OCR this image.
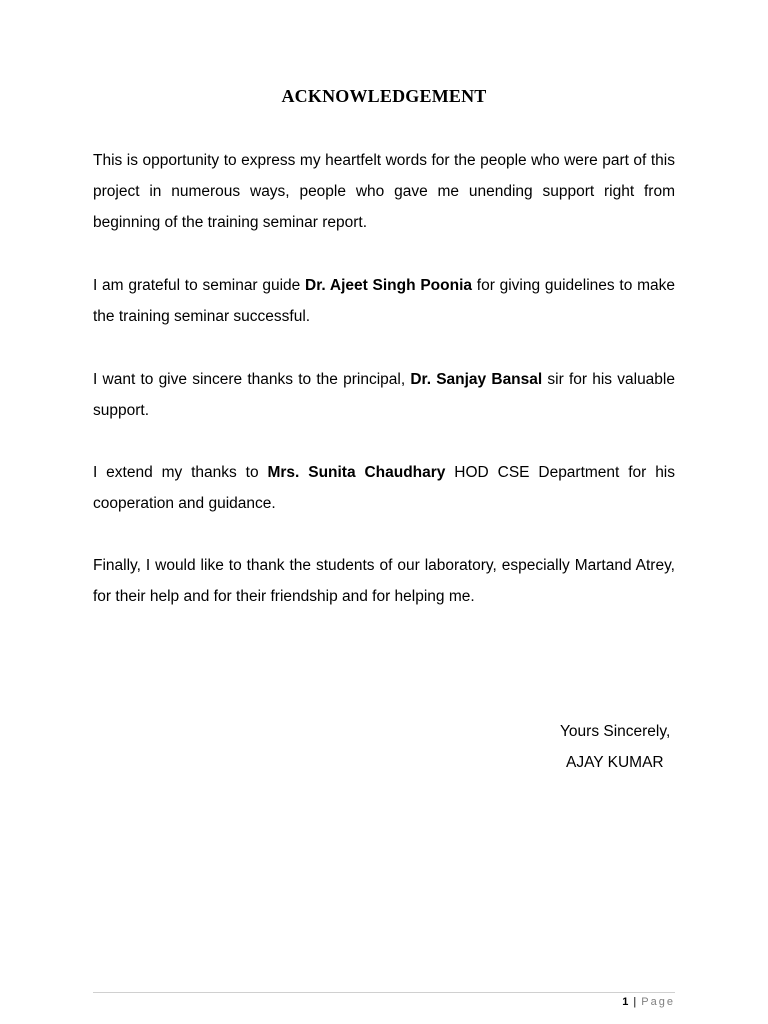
ACKNOWLEDGEMENT

This is opportunity to express my heartfelt words for the people who were part of this project in numerous ways, people who gave me unending support right from beginning of the training seminar report.

I am grateful to seminar guide Dr. Ajeet Singh Poonia for giving guidelines to make the training seminar successful.

I want to give sincere thanks to the principal, Dr. Sanjay Bansal sir for his valuable support.

I extend my thanks to Mrs. Sunita Chaudhary HOD CSE Department for his cooperation and guidance.

Finally, I would like to thank the students of our laboratory, especially Martand Atrey, for their help and for their friendship and for helping me.

Yours Sincerely,
AJAY KUMAR
1 | Page
